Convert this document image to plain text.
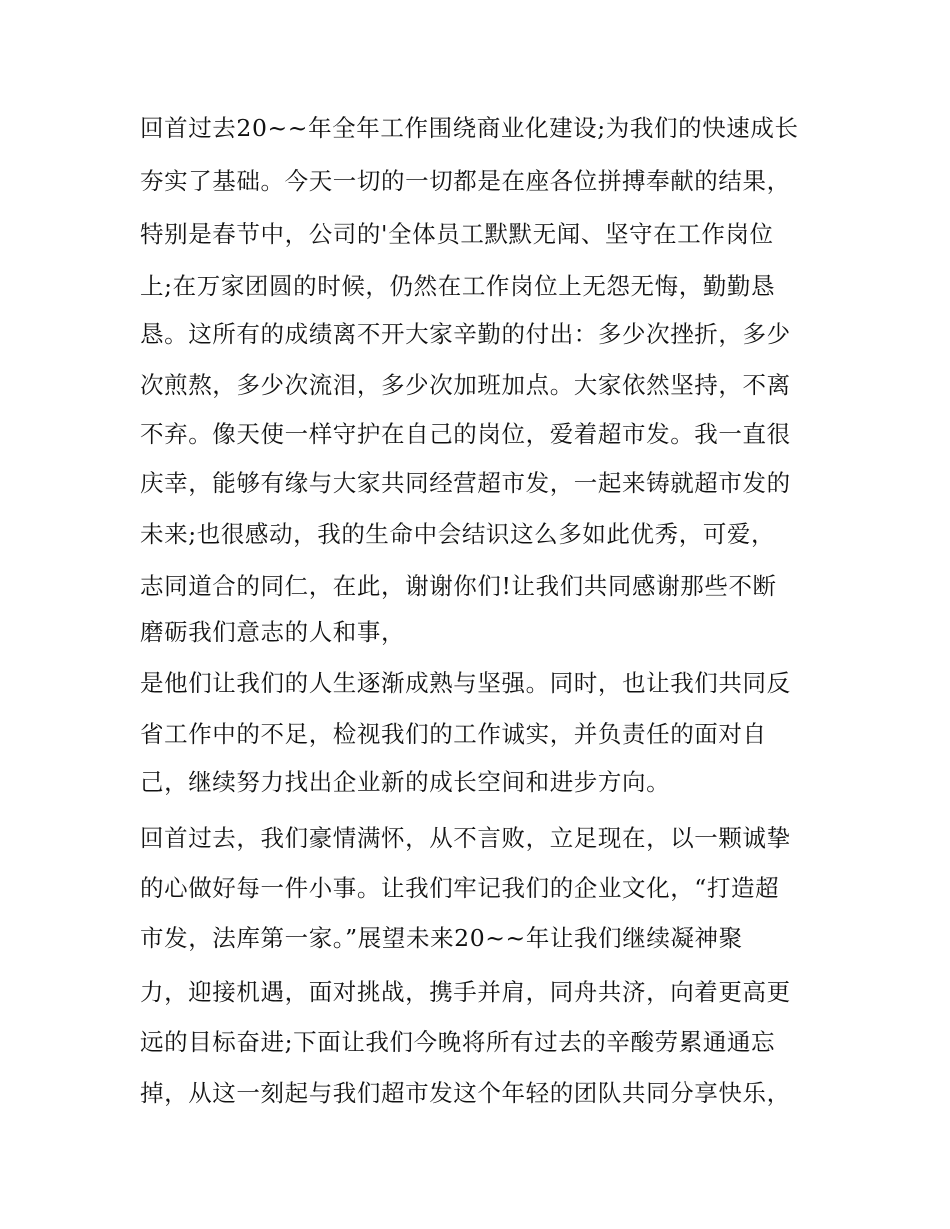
回首过去20~~年全年工作围绕商业化建设;为我们的快速成长
夯实了基础。今天一切的一切都是在座各位拼搏奉献的结果，
特别是春节中，公司的'全体员工默默无闻、坚守在工作岗位
上;在万家团圆的时候，仍然在工作岗位上无怨无悔，勤勤恳
恳。这所有的成绩离不开大家辛勤的付出：多少次挫折，多少
次煎熬，多少次流泪，多少次加班加点。大家依然坚持，不离
不弃。像天使一样守护在自己的岗位，爱着超市发。我一直很
庆幸，能够有缘与大家共同经营超市发，一起来铸就超市发的
未来;也很感动，我的生命中会结识这么多如此优秀，可爱，
志同道合的同仁，在此，谢谢你们!让我们共同感谢那些不断
磨砺我们意志的人和事，
是他们让我们的人生逐渐成熟与坚强。同时，也让我们共同反
省工作中的不足，检视我们的工作诚实，并负责任的面对自
己，继续努力找出企业新的成长空间和进步方向。
回首过去，我们豪情满怀，从不言败，立足现在，以一颗诚挚
的心做好每一件小事。让我们牢记我们的企业文化，“打造超
市发，法库第一家。”展望未来20~~年让我们继续凝神聚
力，迎接机遇，面对挑战，携手并肩，同舟共济，向着更高更
远的目标奋进;下面让我们今晚将所有过去的辛酸劳累通通忘
掉，从这一刻起与我们超市发这个年轻的团队共同分享快乐，
